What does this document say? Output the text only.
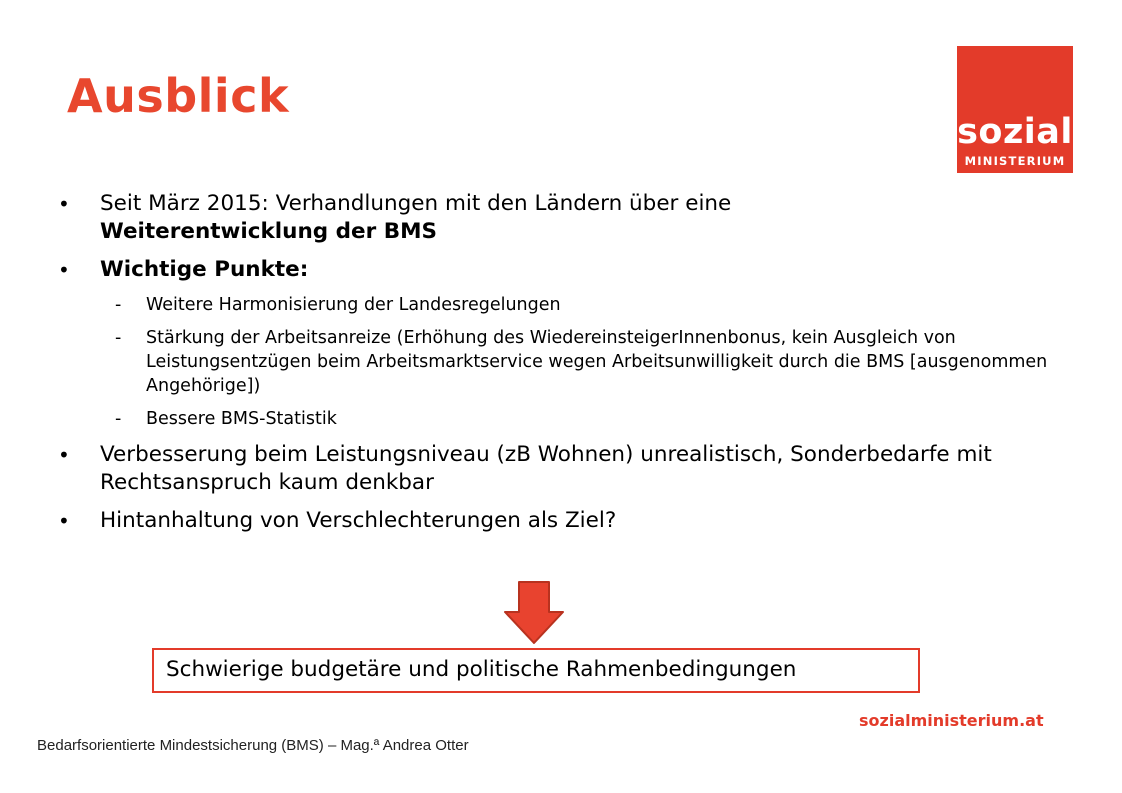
Ausblick
sozial
MINISTERIUM
•	Seit März 2015: Verhandlungen mit den Ländern über eine
Weiterentwicklung der BMS
•	Wichtige Punkte:
- Weitere Harmonisierung der Landesregelungen
- Stärkung der Arbeitsanreize (Erhöhung des WiedereinsteigerInnenbonus, kein Ausgleich von Leistungsentzügen beim Arbeitsmarktservice wegen Arbeitsunwilligkeit durch die BMS [ausgenommen Angehörige])
- Bessere BMS-Statistik
•	Verbesserung beim Leistungsniveau (zB Wohnen) unrealistisch, Sonderbedarfe mit Rechtsanspruch kaum denkbar
•	Hintanhaltung von Verschlechterungen als Ziel?
Schwierige budgetäre und politische Rahmenbedingungen
sozialministerium.at
Bedarfsorientierte Mindestsicherung (BMS) – Mag.ª Andrea Otter
